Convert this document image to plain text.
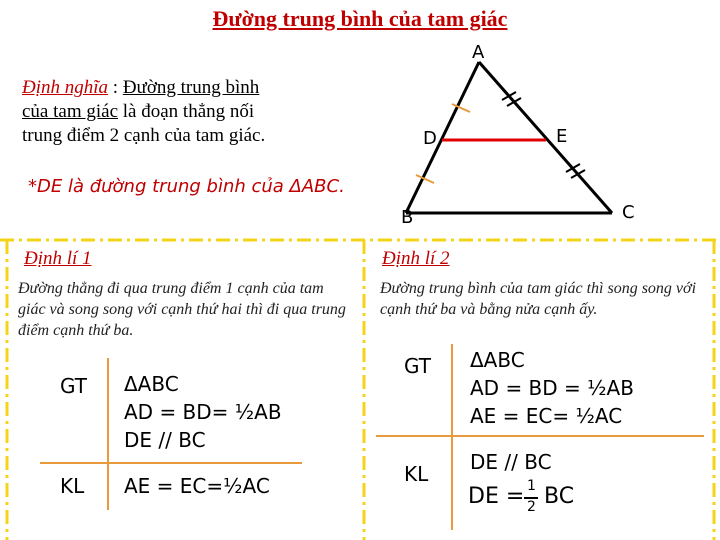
Đường trung bình của tam giác
Định nghĩa : Đường trung bình
của tam giác là đoạn thẳng nối
trung điểm 2 cạnh của tam giác.
*DE là đường trung bình của ΔABC.
A
D	E
B	C
Định lí 1
Đường thẳng đi qua trung điểm 1 cạnh của tam giác và song song với cạnh thứ hai thì đi qua trung điểm cạnh thứ ba.
GT ΔABC
AD = BD= ½AB
DE // BC
KL AE = EC=½AC
Định lí 2
Đường trung bình của tam giác thì song song với cạnh thứ ba và bằng nửa cạnh ấy.
GT ΔABC
AD = BD = ½AB
AE = EC= ½AC
KL DE // BC
DE = 1
2 BC
